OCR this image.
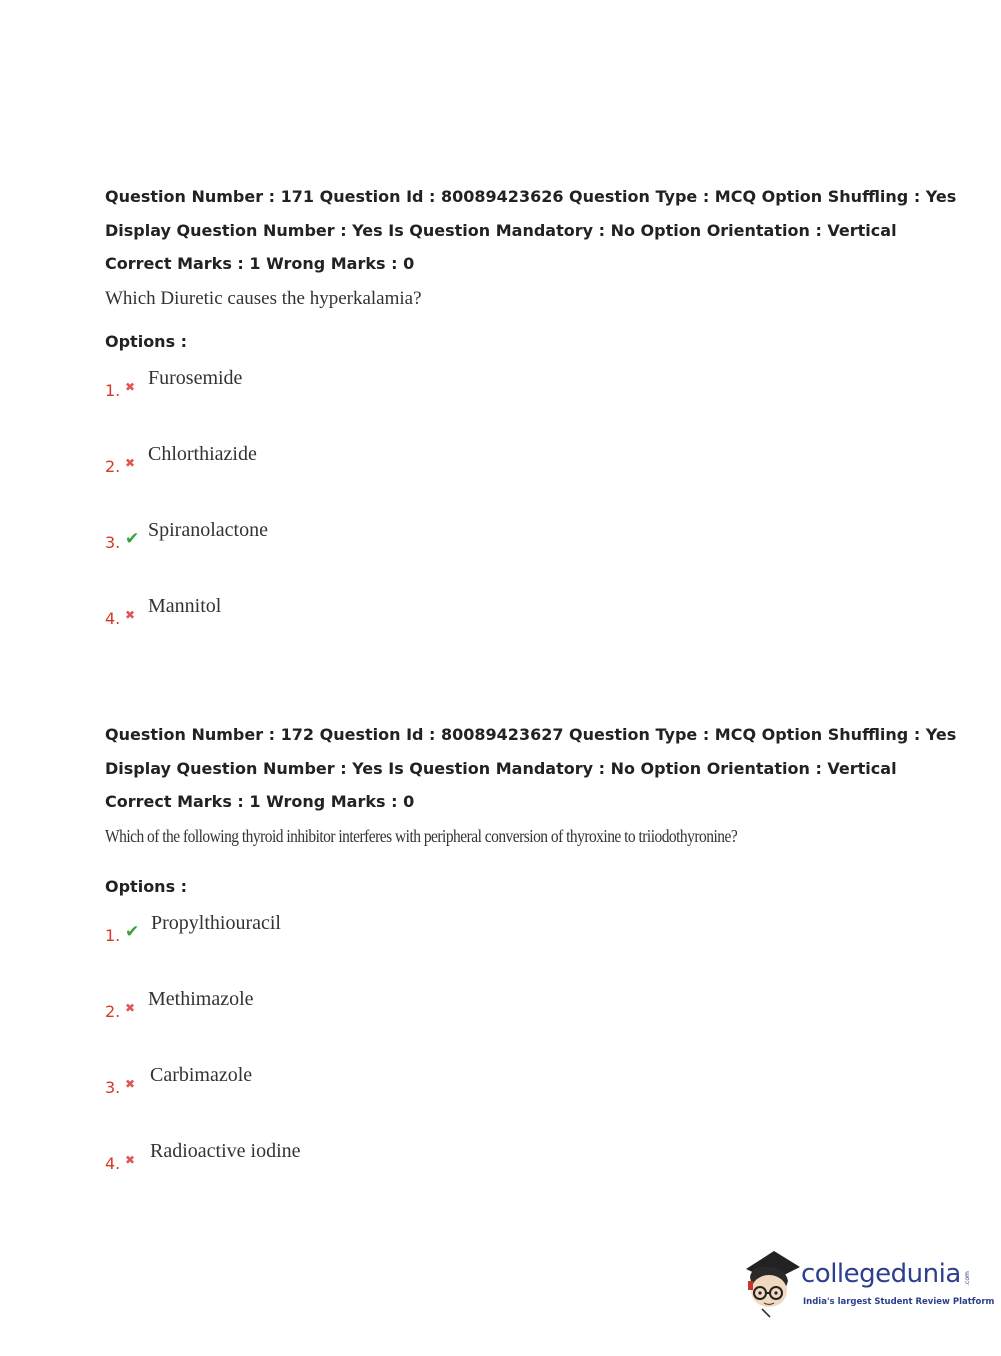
Question Number : 171 Question Id : 80089423626 Question Type : MCQ Option Shuffling : Yes
Display Question Number : Yes Is Question Mandatory : No Option Orientation : Vertical
Correct Marks : 1 Wrong Marks : 0
Which Diuretic causes the hyperkalamia?
Options :
1. ✖ Furosemide
2. ✖ Chlorthiazide
3. ✔ Spiranolactone
4. ✖ Mannitol
Question Number : 172 Question Id : 80089423627 Question Type : MCQ Option Shuffling : Yes
Display Question Number : Yes Is Question Mandatory : No Option Orientation : Vertical
Correct Marks : 1 Wrong Marks : 0
Which of the following thyroid inhibitor interferes with peripheral conversion of thyroxine to triiodothyronine?
Options :
1. ✔ Propylthiouracil
2. ✖ Methimazole
3. ✖ Carbimazole
4. ✖ Radioactive iodine
collegedunia .com
India's largest Student Review Platform
